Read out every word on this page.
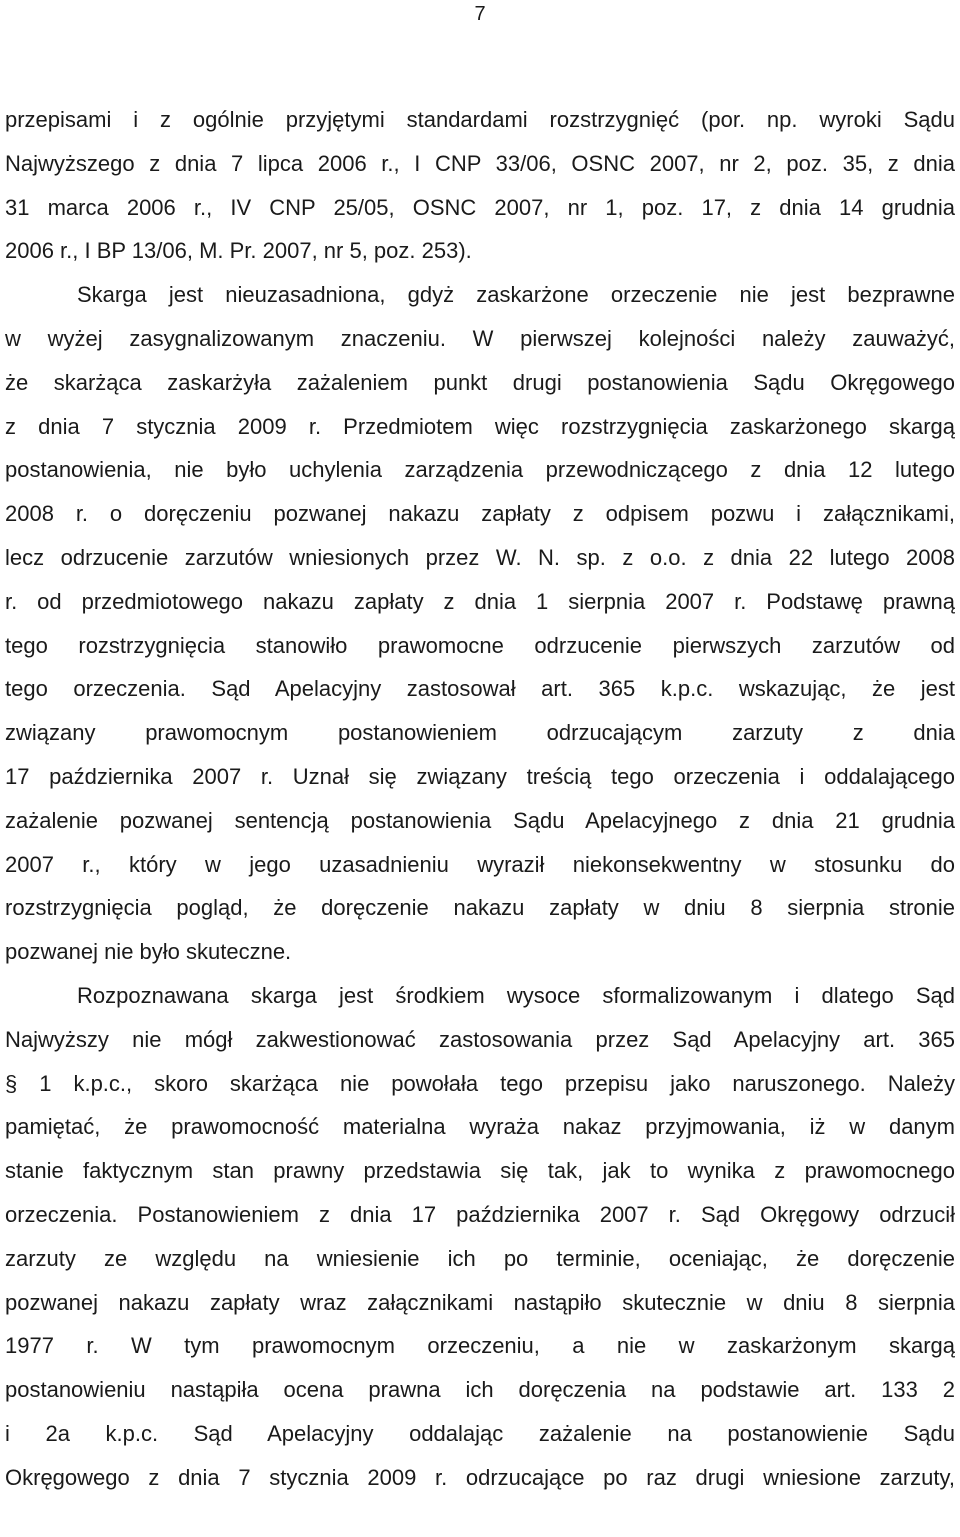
7
przepisami i z ogólnie przyjętymi standardami rozstrzygnięć (por. np. wyroki Sądu
Najwyższego z dnia 7 lipca 2006 r., I CNP 33/06, OSNC 2007, nr 2, poz. 35, z dnia
31 marca 2006 r., IV CNP 25/05, OSNC 2007, nr 1, poz. 17, z dnia 14 grudnia
2006 r., I BP 13/06, M. Pr. 2007, nr 5, poz. 253).
Skarga jest nieuzasadniona, gdyż zaskarżone orzeczenie nie jest bezprawne
w wyżej zasygnalizowanym znaczeniu. W pierwszej kolejności należy zauważyć,
że skarżąca zaskarżyła zażaleniem punkt drugi postanowienia Sądu Okręgowego
z dnia 7 stycznia 2009 r. Przedmiotem więc rozstrzygnięcia zaskarżonego skargą
postanowienia, nie było uchylenia zarządzenia przewodniczącego z dnia 12 lutego
2008 r. o doręczeniu pozwanej nakazu zapłaty z odpisem pozwu i załącznikami,
lecz odrzucenie zarzutów wniesionych przez W. N. sp. z o.o. z dnia 22 lutego 2008
r. od przedmiotowego nakazu zapłaty z dnia 1 sierpnia 2007 r. Podstawę prawną
tego rozstrzygnięcia stanowiło prawomocne odrzucenie pierwszych zarzutów od
tego orzeczenia. Sąd Apelacyjny zastosował art. 365 k.p.c. wskazując, że jest
związany prawomocnym postanowieniem odrzucającym zarzuty z dnia
17 października 2007 r. Uznał się związany treścią tego orzeczenia i oddalającego
zażalenie pozwanej sentencją postanowienia Sądu Apelacyjnego z dnia 21 grudnia
2007 r., który w jego uzasadnieniu wyraził niekonsekwentny w stosunku do
rozstrzygnięcia pogląd, że doręczenie nakazu zapłaty w dniu 8 sierpnia stronie
pozwanej nie było skuteczne.
Rozpoznawana skarga jest środkiem wysoce sformalizowanym i dlatego Sąd
Najwyższy nie mógł zakwestionować zastosowania przez Sąd Apelacyjny art. 365
§ 1 k.p.c., skoro skarżąca nie powołała tego przepisu jako naruszonego. Należy
pamiętać, że prawomocność materialna wyraża nakaz przyjmowania, iż w danym
stanie faktycznym stan prawny przedstawia się tak, jak to wynika z prawomocnego
orzeczenia. Postanowieniem z dnia 17 października 2007 r. Sąd Okręgowy odrzucił
zarzuty ze względu na wniesienie ich po terminie, oceniając, że doręczenie
pozwanej nakazu zapłaty wraz załącznikami nastąpiło skutecznie w dniu 8 sierpnia
1977 r. W tym prawomocnym orzeczeniu, a nie w zaskarżonym skargą
postanowieniu nastąpiła ocena prawna ich doręczenia na podstawie art. 133 2
i 2a k.p.c. Sąd Apelacyjny oddalając zażalenie na postanowienie Sądu
Okręgowego z dnia 7 stycznia 2009 r. odrzucające po raz drugi wniesione zarzuty,
